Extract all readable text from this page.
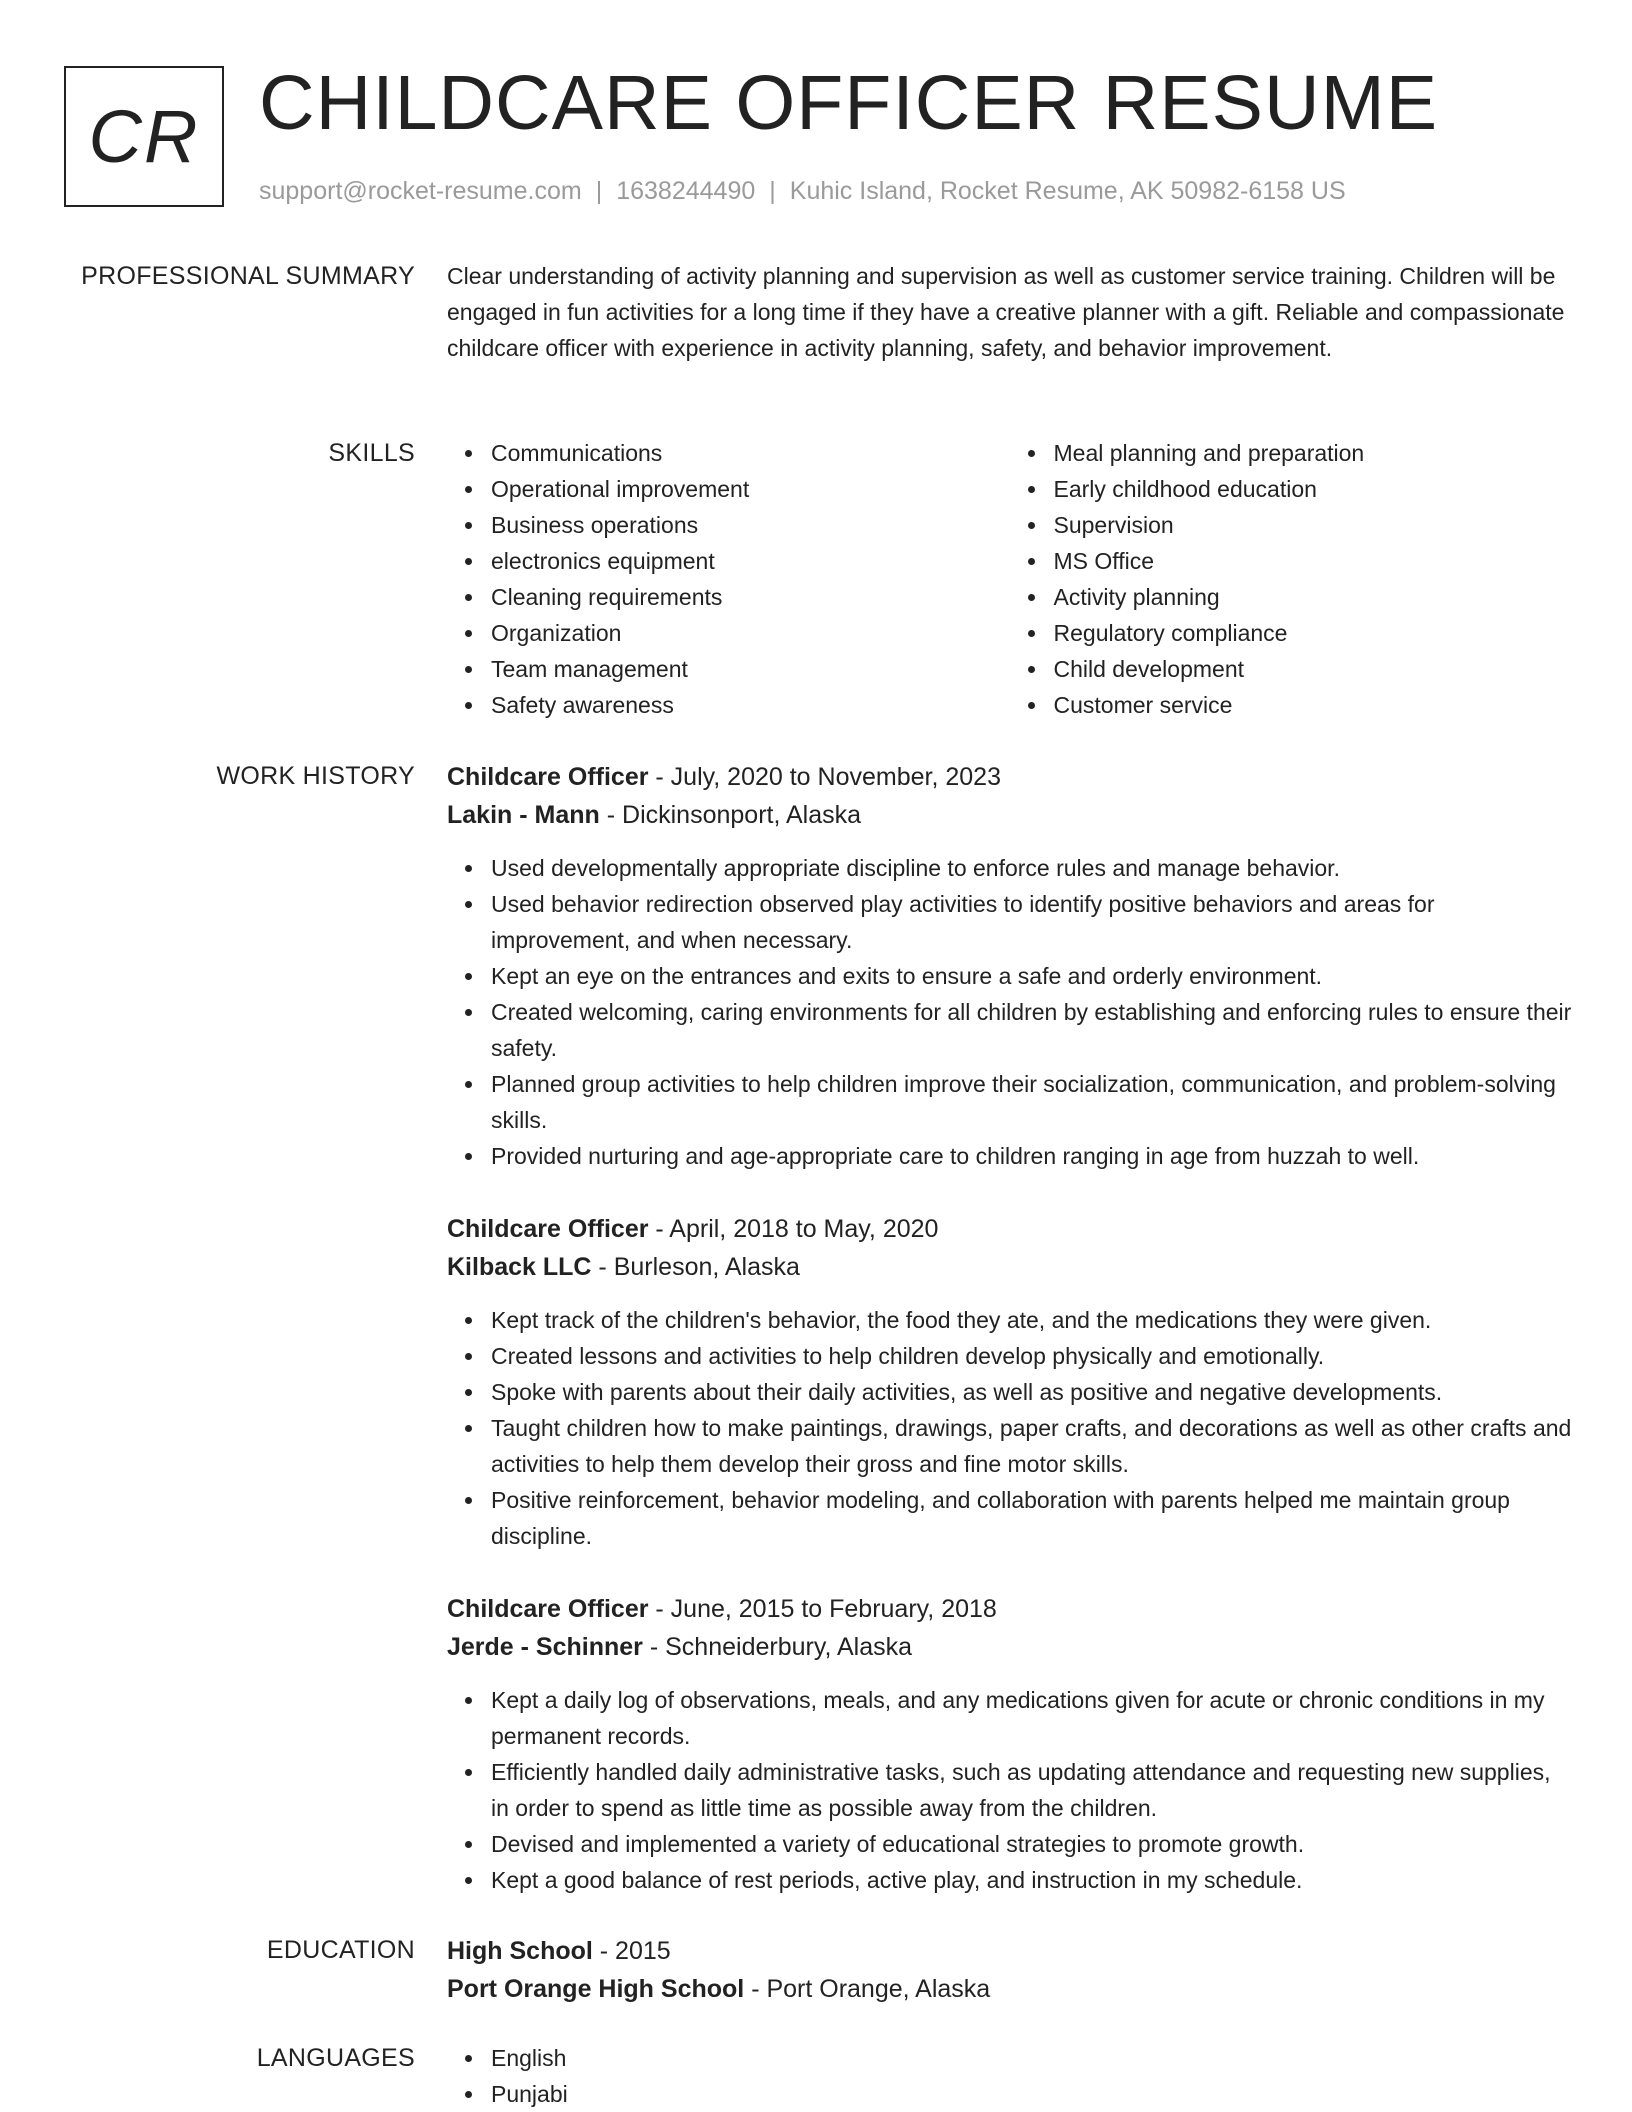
CR CHILDCARE OFFICER RESUME
support@rocket-resume.com | 1638244490 | Kuhic Island, Rocket Resume, AK 50982-6158 US
PROFESSIONAL SUMMARY Clear understanding of activity planning and supervision as well as customer service training. Children will be engaged in fun activities for a long time if they have a creative planner with a gift. Reliable and compassionate childcare officer with experience in activity planning, safety, and behavior improvement.

SKILLS	Communications
Operational improvement
Business operations
electronics equipment
Cleaning requirements
Organization
Team management
Safety awareness
Meal planning and preparation
Early childhood education
Supervision
MS Office
Activity planning
Regulatory compliance
Child development
Customer service
WORK HISTORY Childcare Officer - July, 2020 to November, 2023
Lakin - Mann - Dickinsonport, Alaska
Used developmentally appropriate discipline to enforce rules and manage behavior.
Used behavior redirection observed play activities to identify positive behaviors and areas for improvement, and when necessary.
Kept an eye on the entrances and exits to ensure a safe and orderly environment.
Created welcoming, caring environments for all children by establishing and enforcing rules to ensure their safety.
Planned group activities to help children improve their socialization, communication, and problem-solving skills.
Provided nurturing and age-appropriate care to children ranging in age from huzzah to well.
Childcare Officer - April, 2018 to May, 2020
Kilback LLC - Burleson, Alaska
Kept track of the children's behavior, the food they ate, and the medications they were given.
Created lessons and activities to help children develop physically and emotionally.
Spoke with parents about their daily activities, as well as positive and negative developments.
Taught children how to make paintings, drawings, paper crafts, and decorations as well as other crafts and activities to help them develop their gross and fine motor skills.
Positive reinforcement, behavior modeling, and collaboration with parents helped me maintain group discipline.
Childcare Officer - June, 2015 to February, 2018
Jerde - Schinner - Schneiderbury, Alaska
Kept a daily log of observations, meals, and any medications given for acute or chronic conditions in my permanent records.
Efficiently handled daily administrative tasks, such as updating attendance and requesting new supplies, in order to spend as little time as possible away from the children.
Devised and implemented a variety of educational strategies to promote growth.
Kept a good balance of rest periods, active play, and instruction in my schedule.
EDUCATION High School - 2015
Port Orange High School - Port Orange, Alaska
LANGUAGES	English
Punjabi
